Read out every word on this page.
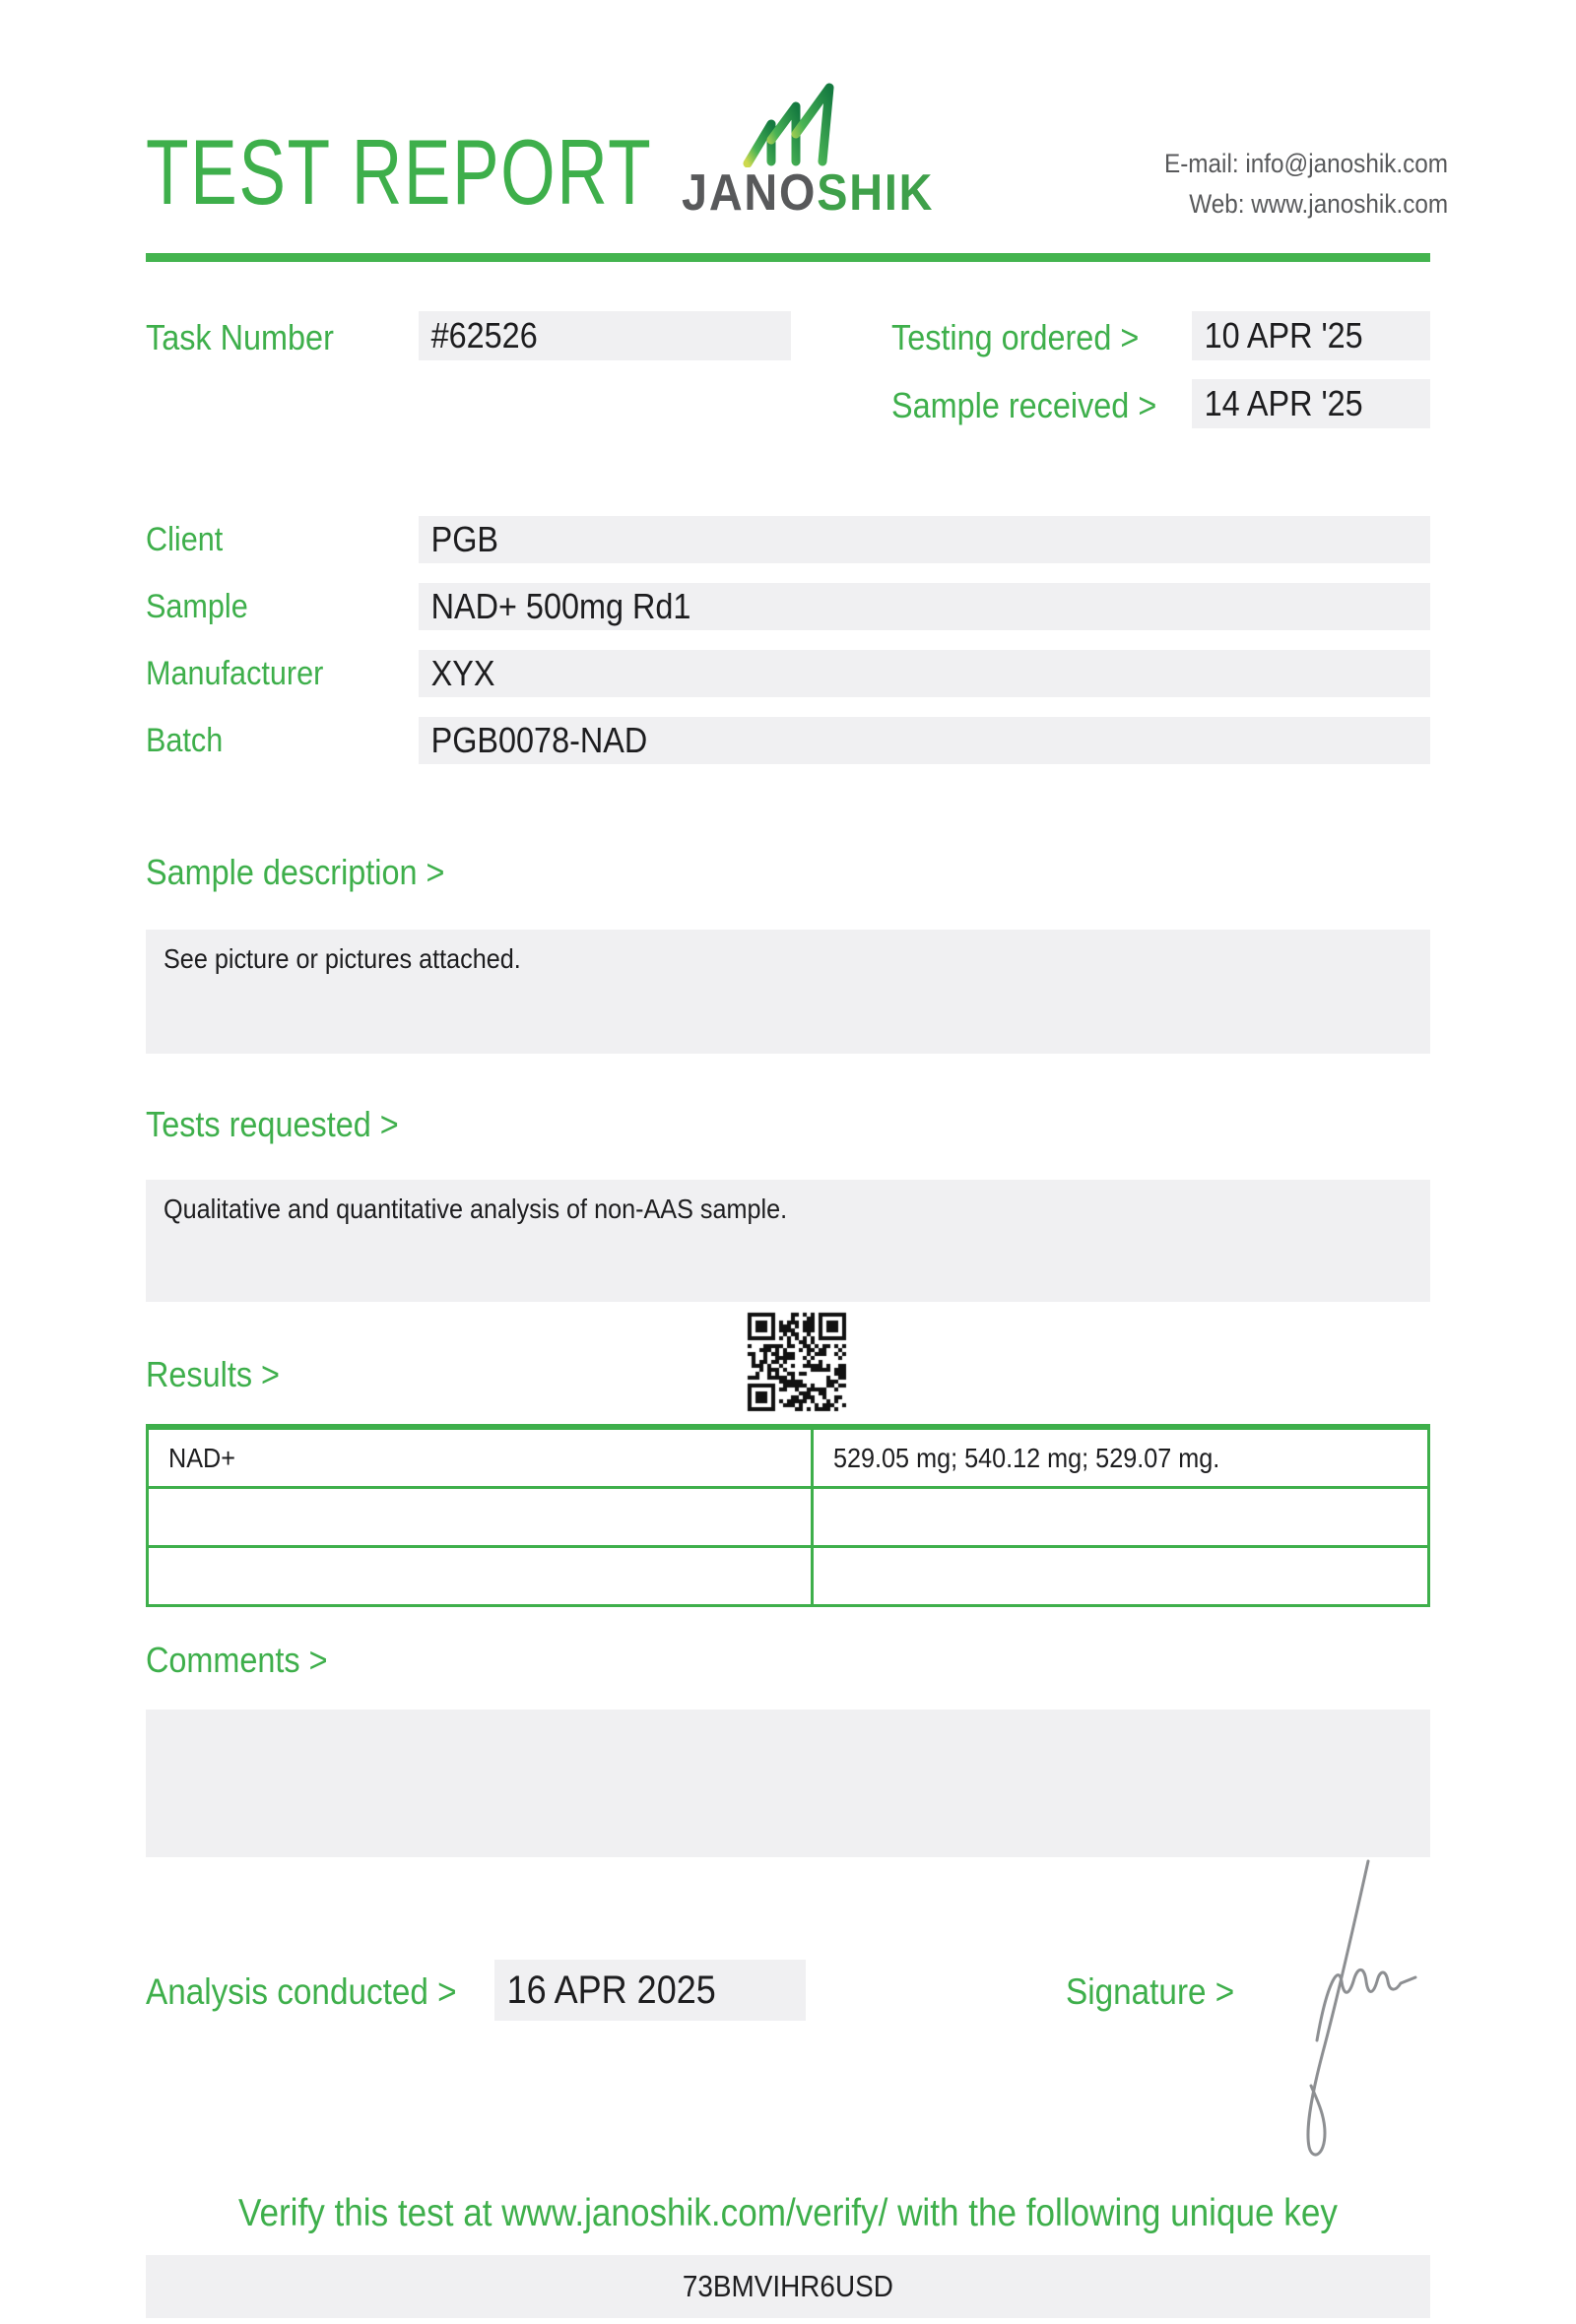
TEST REPORT JANOSHIK
E-mail: info@janoshik.com
Web: www.janoshik.com
Task Number	#62526	Testing ordered >	10 APR '25
Sample received >	14 APR '25
Client	PGB
Sample	NAD+ 500mg Rd1
Manufacturer	XYX
Batch	PGB0078-NAD
Sample description >
See picture or pictures attached.
Tests requested >
Qualitative and quantitative analysis of non-AAS sample.
Results >
NAD+	529.05 mg; 540.12 mg; 529.07 mg.

Comments >
Analysis conducted >	16 APR 2025	Signature >
Verify this test at www.janoshik.com/verify/ with the following unique key
73BMVIHR6USD
